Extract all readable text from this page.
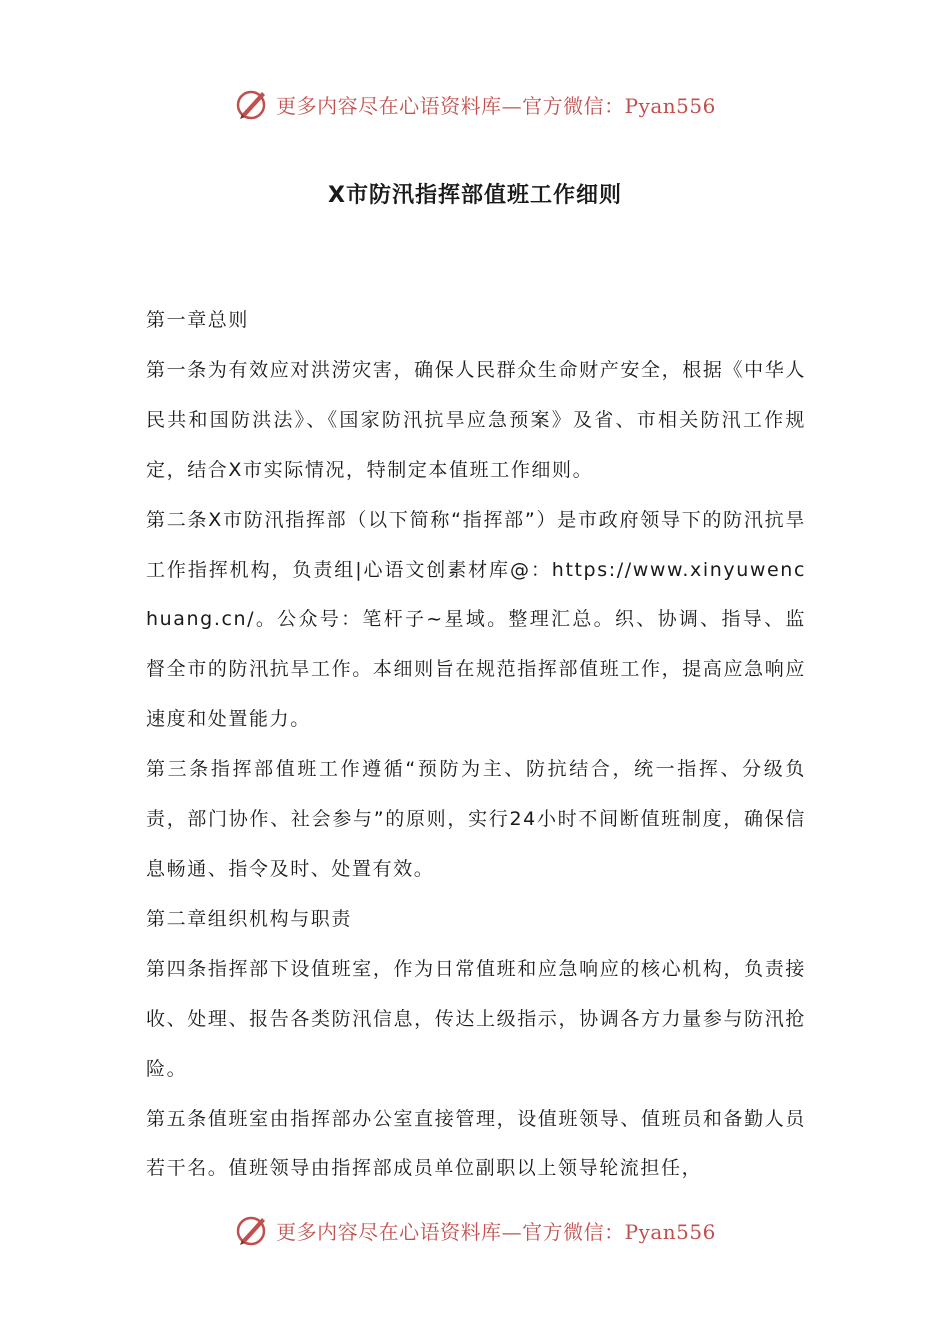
更多内容尽在心语资料库—官方微信：Pyan556
X市防汛指挥部值班工作细则

第一章总则

第一条为有效应对洪涝灾害，确保人民群众生命财产安全，根据《中华人民共和国防洪法》、《国家防汛抗旱应急预案》及省、市相关防汛工作规定，结合X市实际情况，特制定本值班工作细则。

第二条X市防汛指挥部（以下简称“指挥部”）是市政府领导下的防汛抗旱工作指挥机构，负责组|心语文创素材库@：https://www.xinyuwenchuang.cn/。公众号：笔杆子~星域。整理汇总。织、协调、指导、监督全市的防汛抗旱工作。本细则旨在规范指挥部值班工作，提高应急响应速度和处置能力。

第三条指挥部值班工作遵循“预防为主、防抗结合，统一指挥、分级负责，部门协作、社会参与”的原则，实行24小时不间断值班制度，确保信息畅通、指令及时、处置有效。

第二章组织机构与职责

第四条指挥部下设值班室，作为日常值班和应急响应的核心机构，负责接收、处理、报告各类防汛信息，传达上级指示，协调各方力量参与防汛抢险。

第五条值班室由指挥部办公室直接管理，设值班领导、值班员和备勤人员若干名。值班领导由指挥部成员单位副职以上领导轮流担任，

更多内容尽在心语资料库—官方微信：Pyan556
